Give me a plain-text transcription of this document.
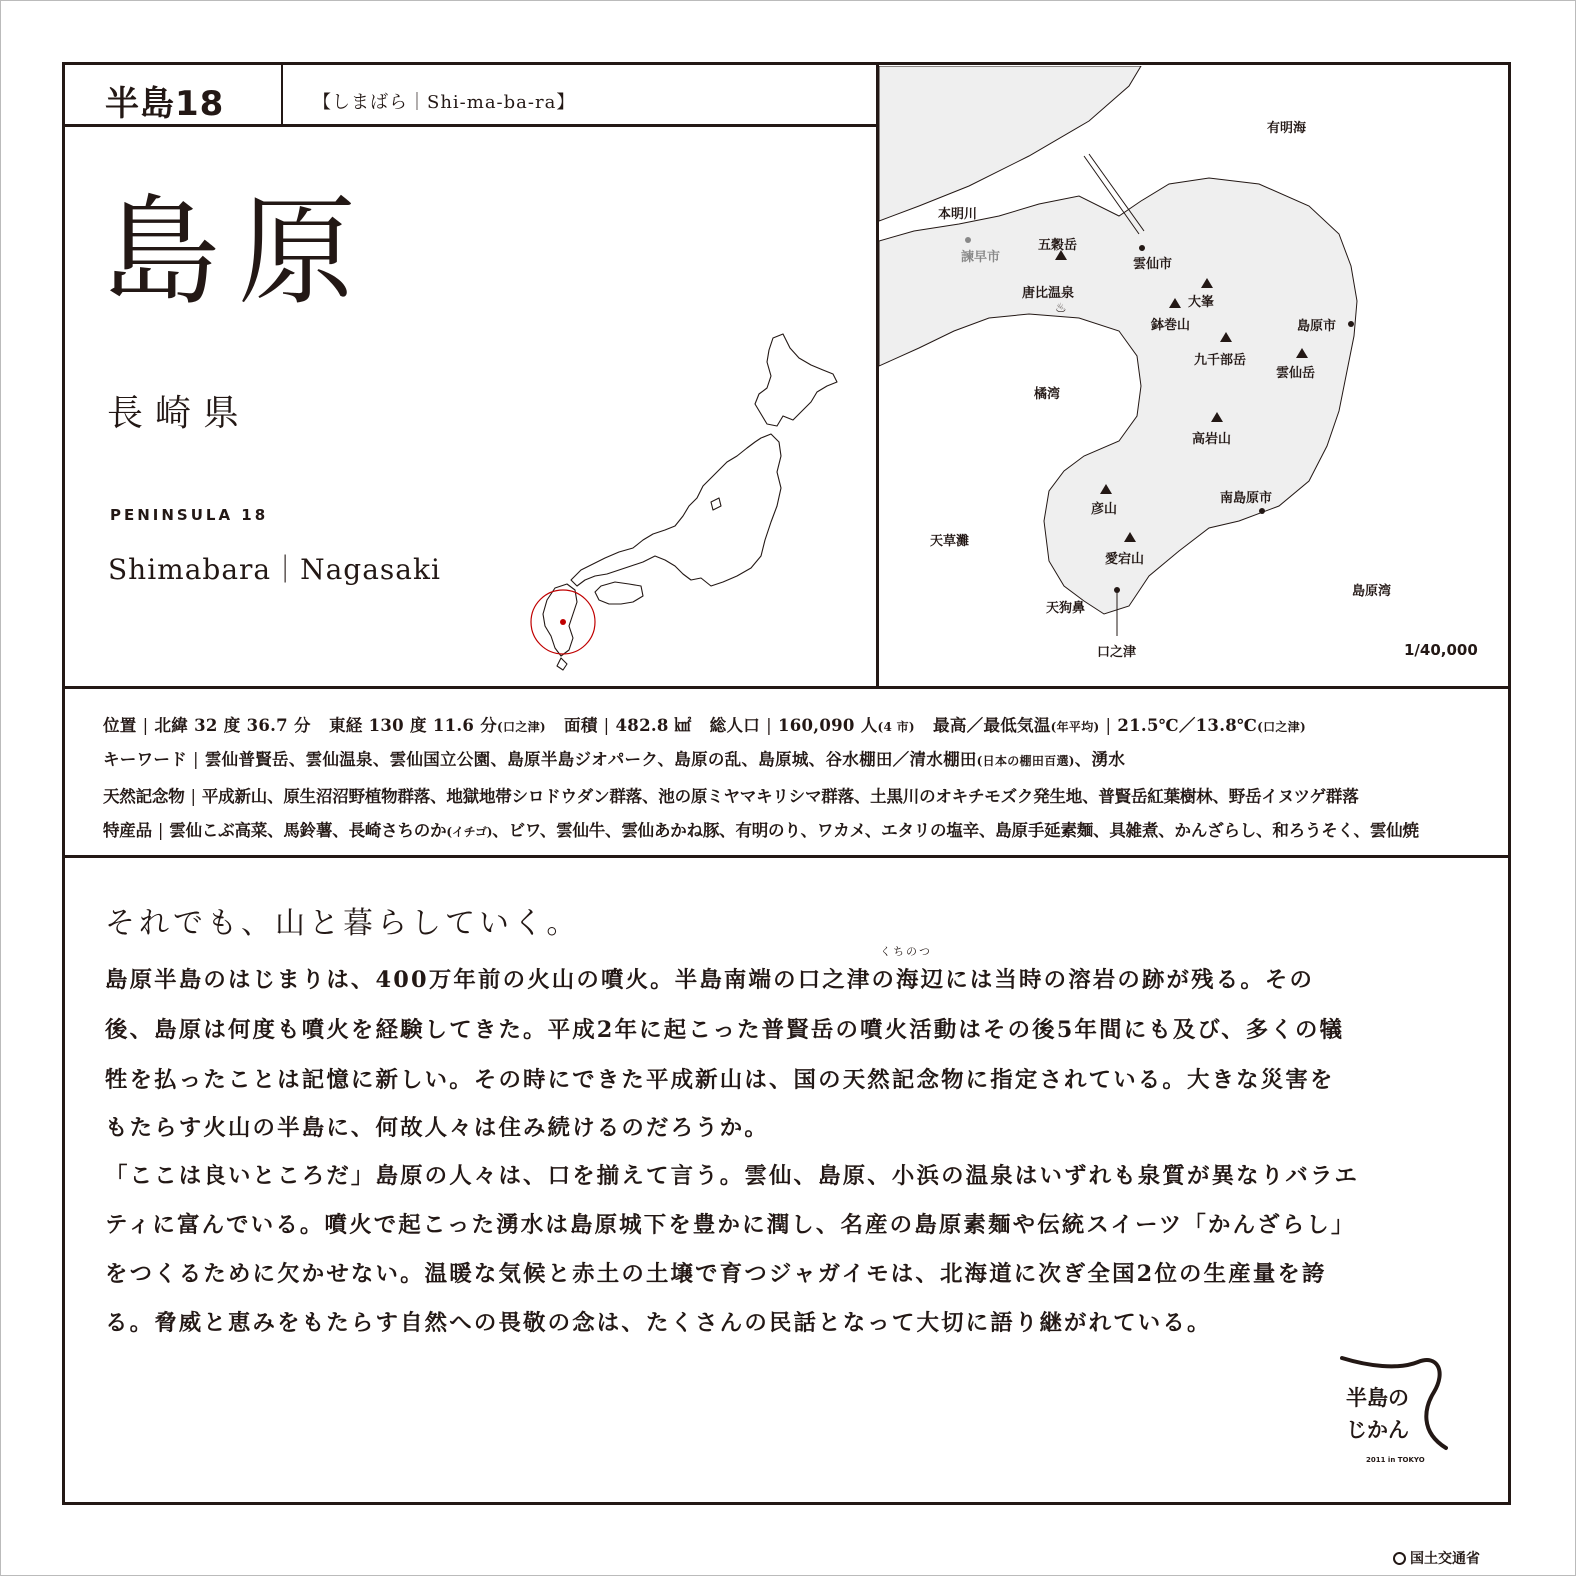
半島18	【しまばら｜Shi-ma-ba-ra】
島原
長崎県
PENINSULA 18
Shimabara｜Nagasaki
♨
有明海
本明川
諫早市
五穀岳
雲仙市
唐比温泉
大峯
鉢巻山	島原市
九千部岳
雲仙岳
橘湾
高岩山
南島原市
彦山
天草灘
愛宕山
島原湾
天狗鼻
口之津	1/40,000
位置 | 北緯 32 度 36.7 分 東経 130 度 11.6 分(口之津) 面積 | 482.8 ㎢ 総人口 | 160,090 人(4 市) 最高／最低気温(年平均) | 21.5℃／13.8℃(口之津)
キーワード | 雲仙普賢岳、雲仙温泉、雲仙国立公園、島原半島ジオパーク、島原の乱、島原城、谷水棚田／清水棚田(日本の棚田百選)、湧水
天然記念物 | 平成新山、原生沼沼野植物群落、地獄地帯シロドウダン群落、池の原ミヤマキリシマ群落、土黒川のオキチモズク発生地、普賢岳紅葉樹林、野岳イヌツゲ群落
特産品 | 雲仙こぶ高菜、馬鈴薯、長崎さちのか(イチゴ)、ビワ、雲仙牛、雲仙あかね豚、有明のり、ワカメ、エタリの塩辛、島原手延素麺、具雑煮、かんざらし、和ろうそく、雲仙焼
それでも、山と暮らしていく。
島原半島のはじまりは、400万年前の火山の噴火。半島南端の口之津の海辺には当時の溶岩の跡が残る。その
後、島原は何度も噴火を経験してきた。平成2年に起こった普賢岳の噴火活動はその後5年間にも及び、多くの犠
牲を払ったことは記憶に新しい。その時にできた平成新山は、国の天然記念物に指定されている。大きな災害を
もたらす火山の半島に、何故人々は住み続けるのだろうか。
「ここは良いところだ」島原の人々は、口を揃えて言う。雲仙、島原、小浜の温泉はいずれも泉質が異なりバラエ
ティに富んでいる。噴火で起こった湧水は島原城下を豊かに潤し、名産の島原素麺や伝統スイーツ「かんざらし」
をつくるために欠かせない。温暖な気候と赤土の土壌で育つジャガイモは、北海道に次ぎ全国2位の生産量を誇
る。脅威と恵みをもたらす自然への畏敬の念は、たくさんの民話となって大切に語り継がれている。
くちのつ
半島の
じかん
2011 in TOKYO
国土交通省
